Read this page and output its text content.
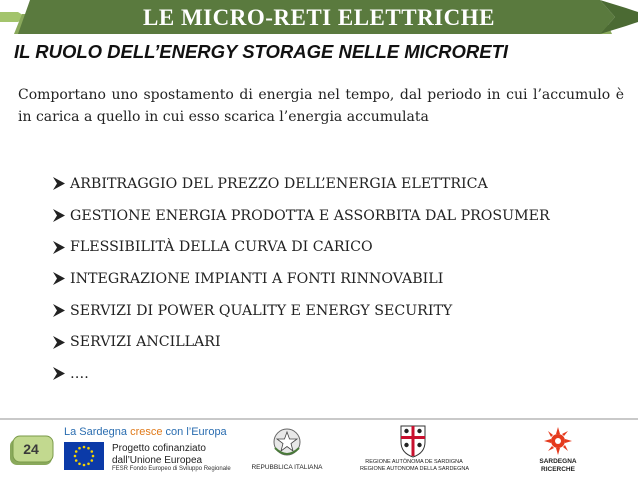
LE MICRO-RETI ELETTRICHE
IL RUOLO DELL’ENERGY STORAGE NELLE MICRORETI
Comportano uno spostamento di energia nel tempo, dal periodo in cui l’accumulo è in carica a quello in cui esso scarica l’energia accumulata
ARBITRAGGIO DEL PREZZO DELL’ENERGIA ELETTRICA
GESTIONE ENERGIA PRODOTTA E ASSORBITA DAL PROSUMER
FLESSIBILITÀ DELLA CURVA DI CARICO
INTEGRAZIONE IMPIANTI A FONTI RINNOVABILI
SERVIZI DI POWER QUALITY E ENERGY SECURITY
SERVIZI ANCILLARI
….
24
La Sardegna cresce con l’Europa
Progetto cofinanziato
dall’Unione Europea
FESR Fondo Europeo di Sviluppo Regionale	REPUBBLICA ITALIANA
REGIONE AUTÒNOMA DE SARDIGNA
REGIONE AUTONOMA DELLA SARDEGNA
SARDEGNA
RICERCHE
